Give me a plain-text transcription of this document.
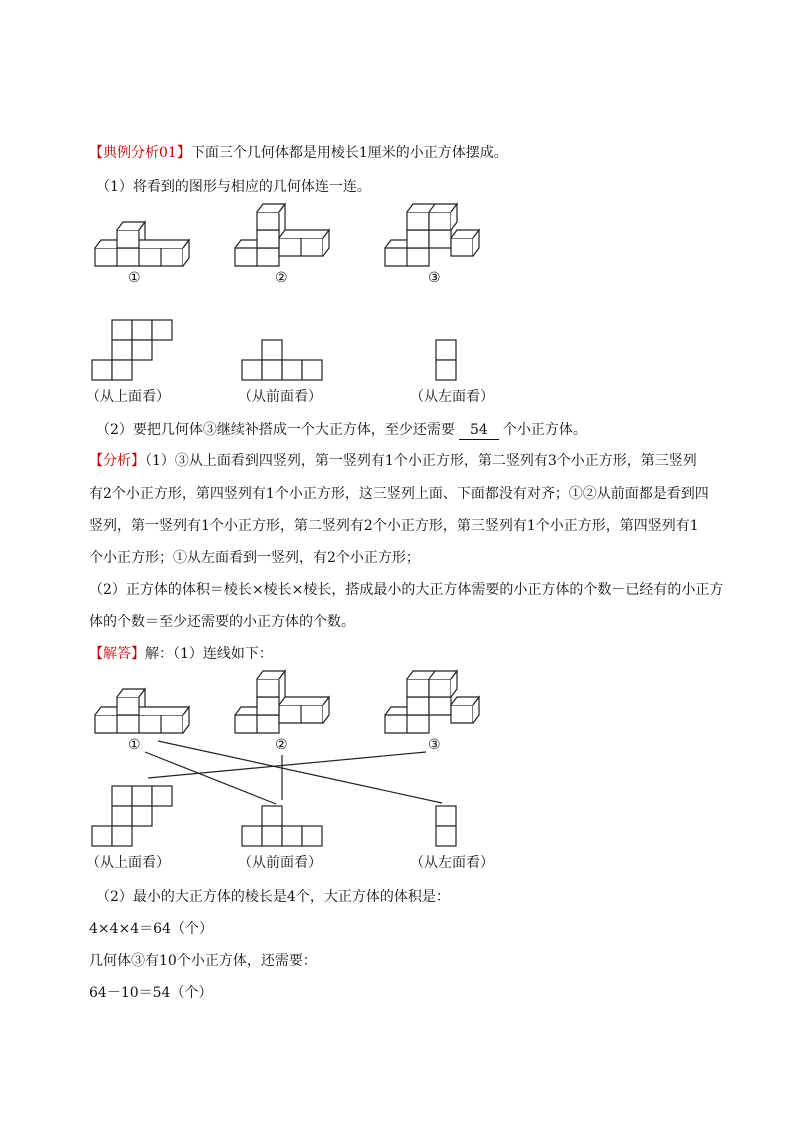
【典例分析01】下面三个几何体都是用棱长1厘米的小正方体摆成。
（1）将看到的图形与相应的几何体连一连。
①	②	③
（从上面看）	（从前面看）	（从左面看）
（2）要把几何体③继续补搭成一个大正方体，至少还需要 54 个小正方体。
【分析】（1）③从上面看到四竖列，第一竖列有1个小正方形，第二竖列有3个小正方形，第三竖列
有2个小正方形，第四竖列有1个小正方形，这三竖列上面、下面都没有对齐；①②从前面都是看到四
竖列，第一竖列有1个小正方形，第二竖列有2个小正方形，第三竖列有1个小正方形，第四竖列有1
个小正方形；①从左面看到一竖列，有2个小正方形；
（2）正方体的体积＝棱长×棱长×棱长，搭成最小的大正方体需要的小正方体的个数－已经有的小正方
体的个数＝至少还需要的小正方体的个数。
【解答】解：（1）连线如下：
①	②	③
（从上面看）	（从前面看）	（从左面看）
（2）最小的大正方体的棱长是4个，大正方体的体积是：
4×4×4＝64（个）
几何体③有10个小正方体，还需要：
64－10＝54（个）
